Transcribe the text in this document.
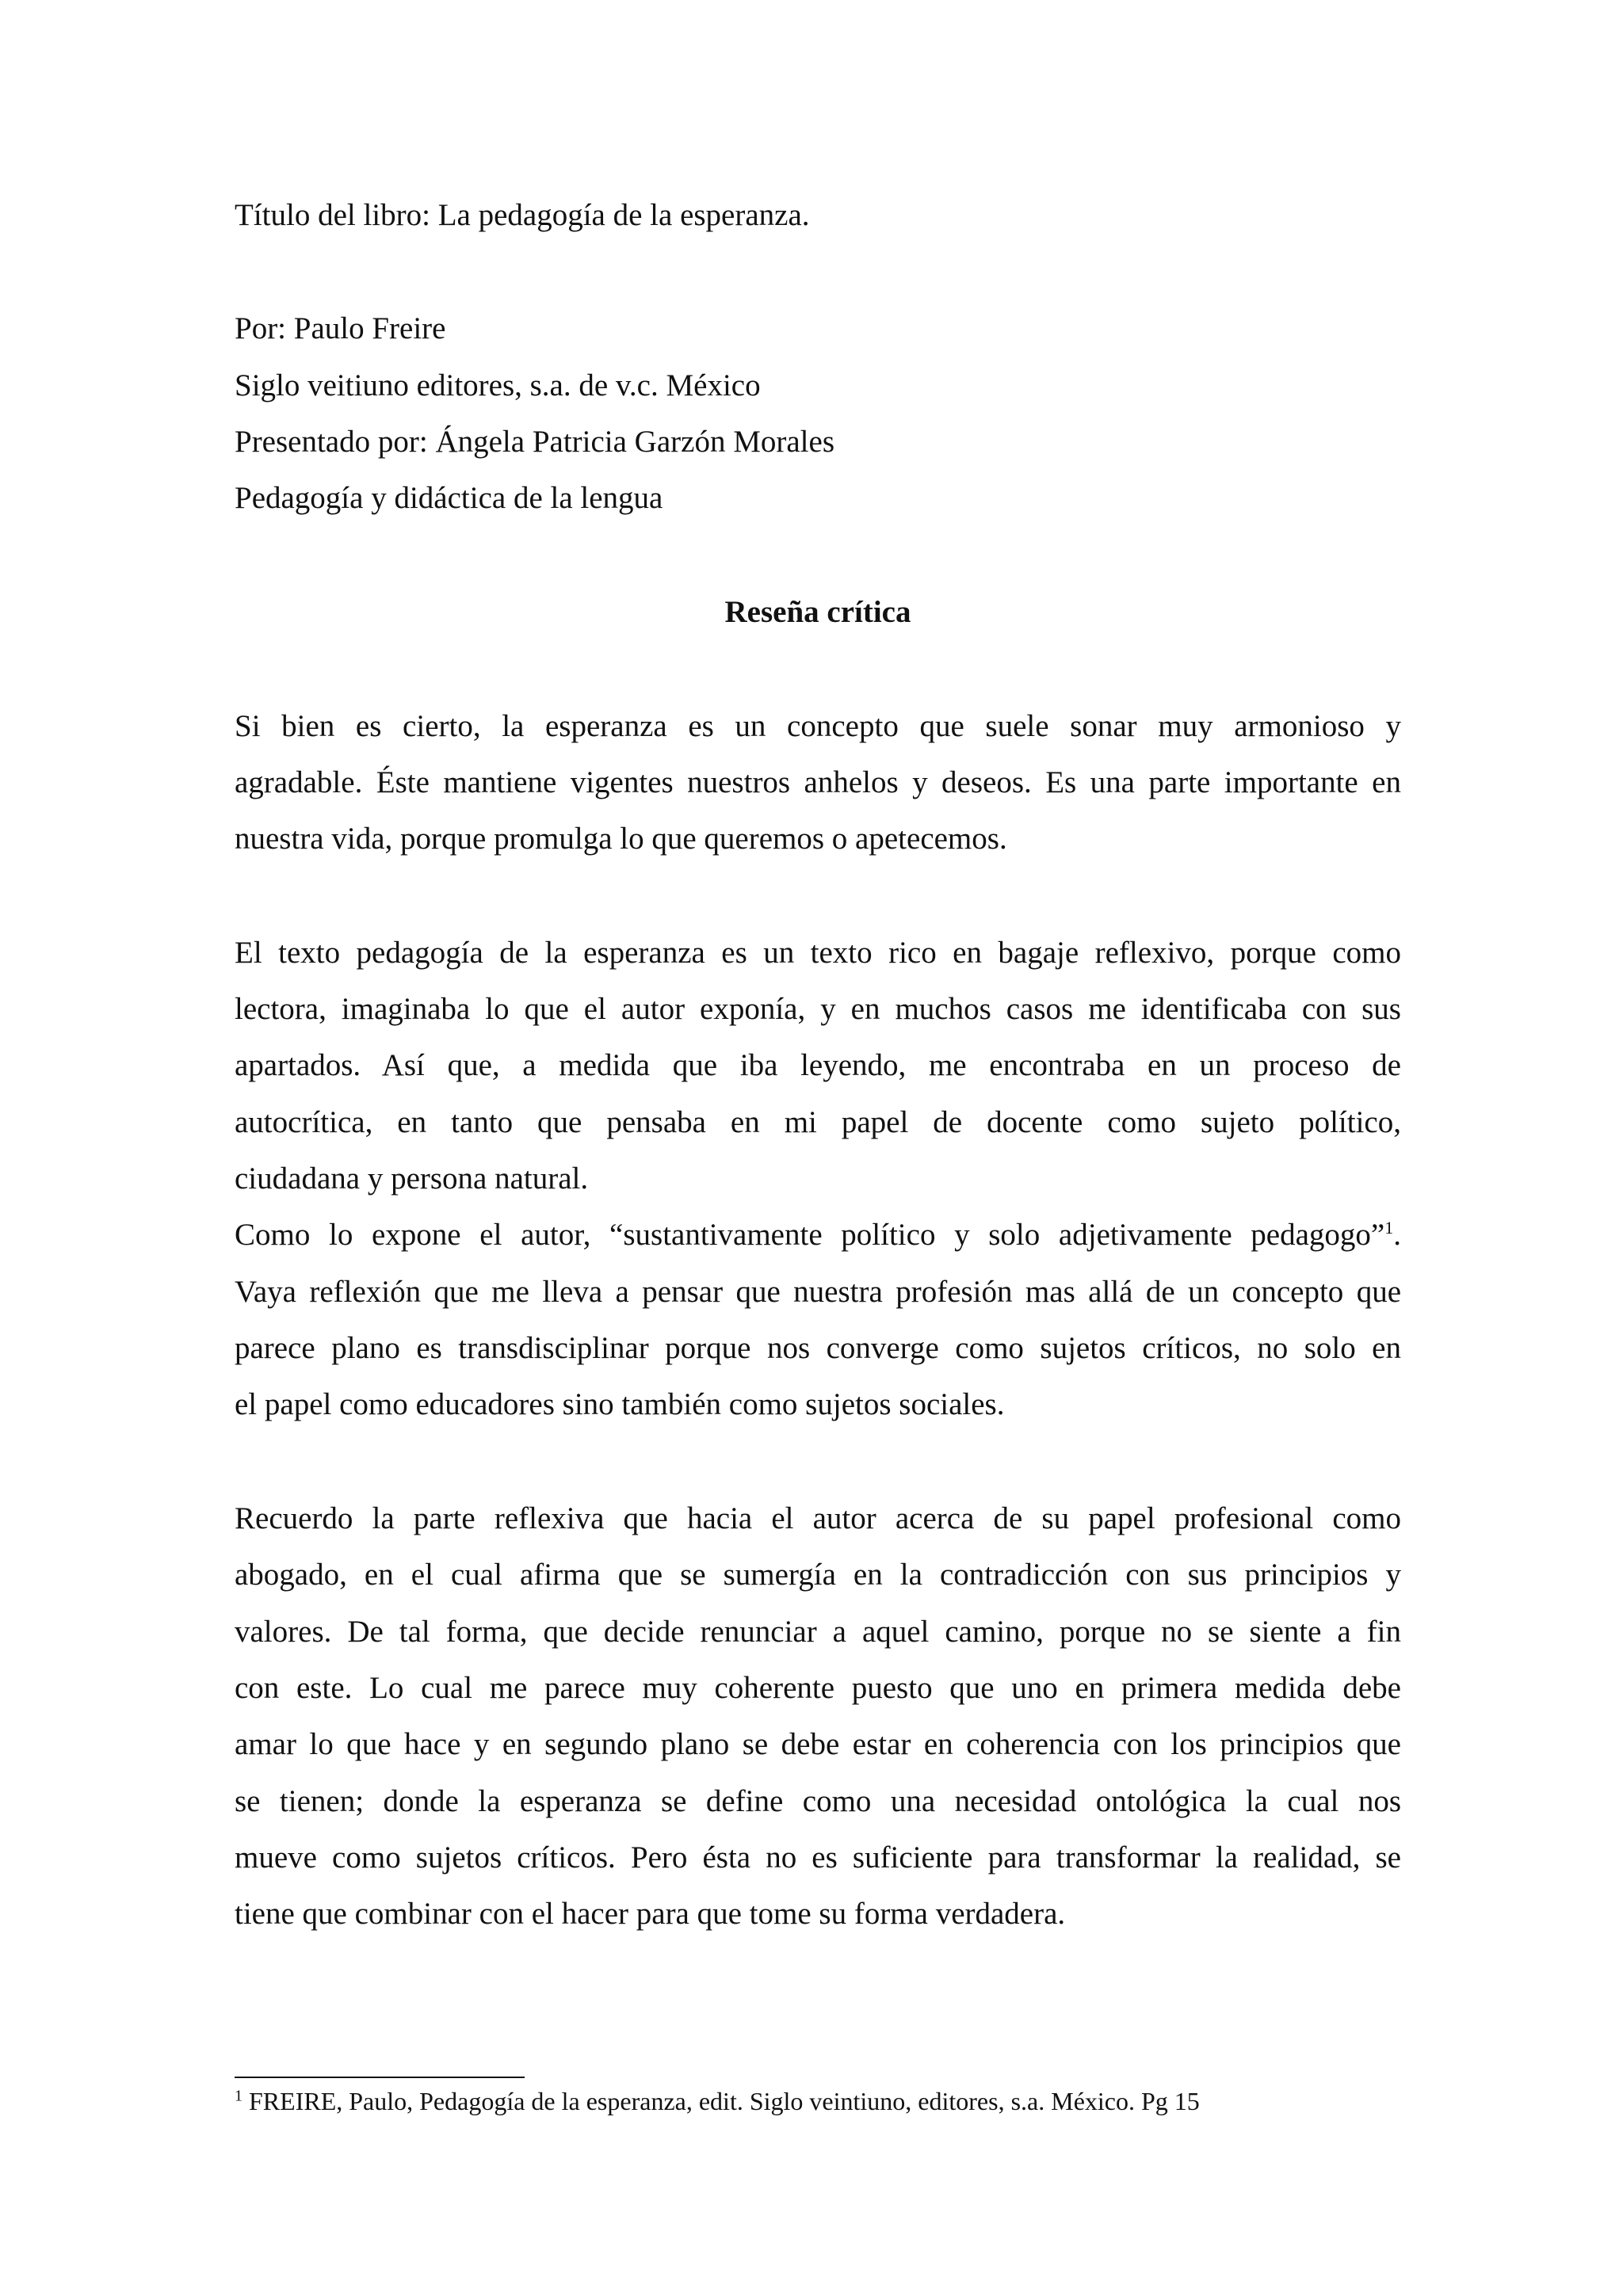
Título del libro: La pedagogía de la esperanza.
Por: Paulo Freire
Siglo veitiuno editores, s.a. de v.c. México
Presentado por: Ángela Patricia Garzón Morales
Pedagogía y didáctica de la lengua
Reseña crítica
Si bien es cierto, la esperanza es un concepto que suele sonar muy armonioso y
agradable. Éste mantiene vigentes nuestros anhelos y deseos. Es una parte importante en
nuestra vida, porque promulga lo que queremos o apetecemos.
El texto pedagogía de la esperanza es un texto rico en bagaje reflexivo, porque como
lectora, imaginaba lo que el autor exponía, y en muchos casos me identificaba con sus
apartados. Así que, a medida que iba leyendo, me encontraba en un proceso de
autocrítica, en tanto que pensaba en mi papel de docente como sujeto político,
ciudadana y persona natural.
Como lo expone el autor, “sustantivamente político y solo adjetivamente pedagogo”$^1$.
Vaya reflexión que me lleva a pensar que nuestra profesión mas allá de un concepto que
parece plano es transdisciplinar porque nos converge como sujetos críticos, no solo en
el papel como educadores sino también como sujetos sociales.
Recuerdo la parte reflexiva que hacia el autor acerca de su papel profesional como
abogado, en el cual afirma que se sumergía en la contradicción con sus principios y
valores. De tal forma, que decide renunciar a aquel camino, porque no se siente a fin
con este. Lo cual me parece muy coherente puesto que uno en primera medida debe
amar lo que hace y en segundo plano se debe estar en coherencia con los principios que
se tienen; donde la esperanza se define como una necesidad ontológica la cual nos
mueve como sujetos críticos. Pero ésta no es suficiente para transformar la realidad, se
tiene que combinar con el hacer para que tome su forma verdadera.
$^1$ FREIRE, Paulo, Pedagogía de la esperanza, edit. Siglo veintiuno, editores, s.a. México. Pg 15
